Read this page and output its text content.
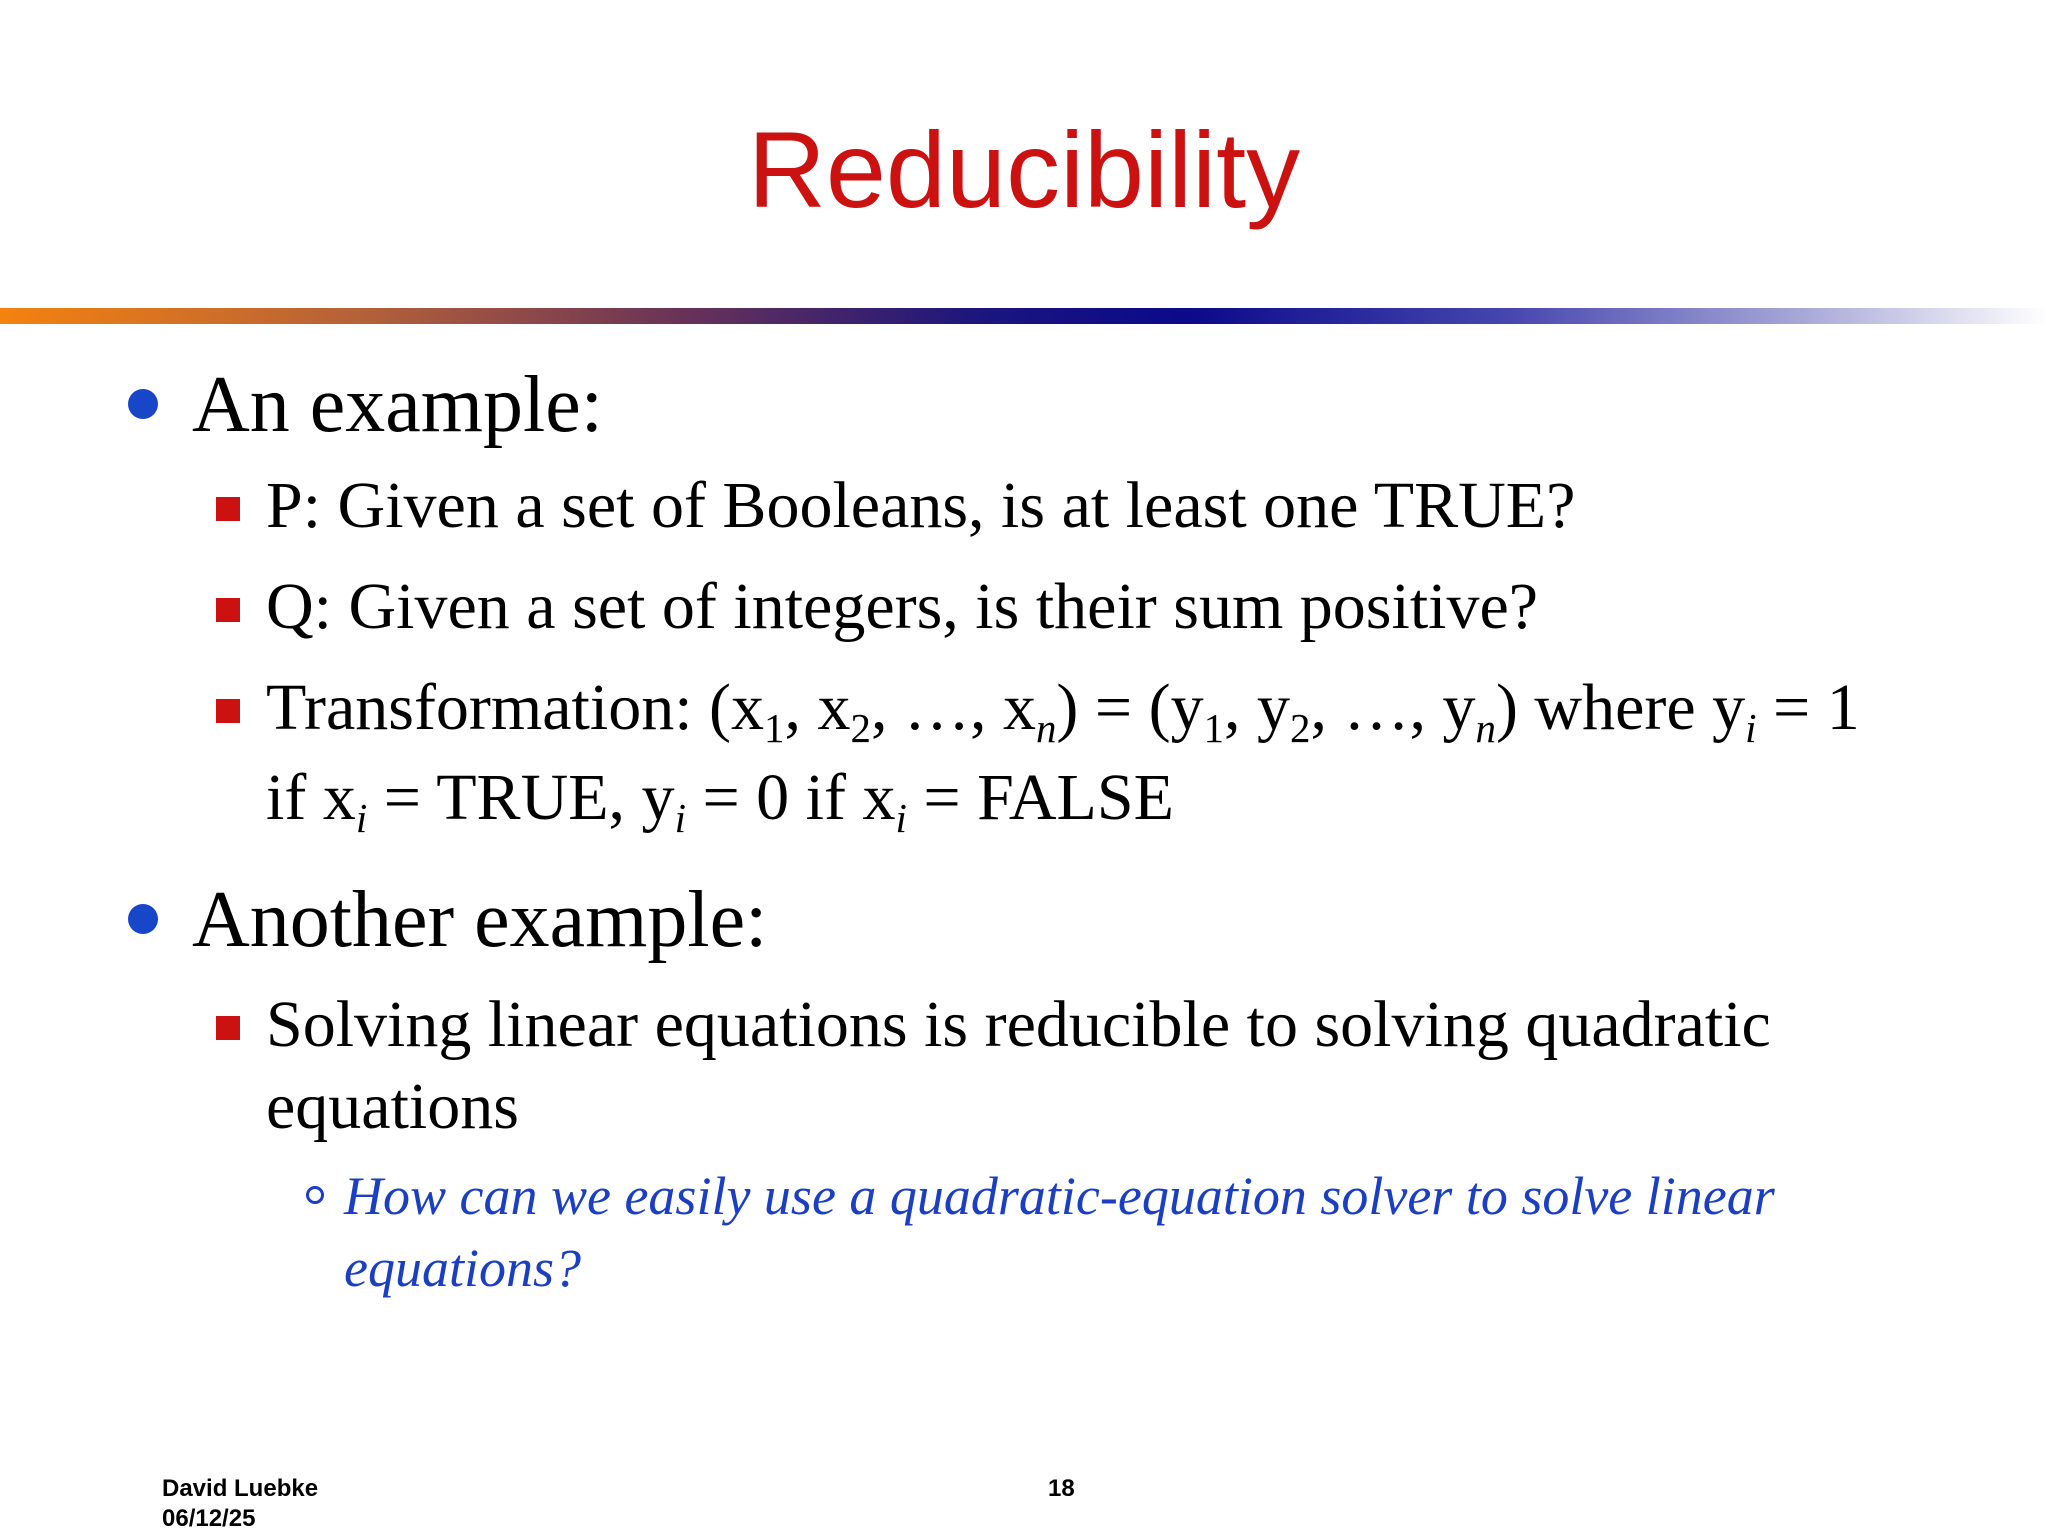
Reducibility

An example:

P: Given a set of Booleans, is at least one TRUE?

Q: Given a set of integers, is their sum positive?

Transformation: ($x_1$, $x_2$, …, $x_n) = (y_1$, $y_2$, …, $y_n$) where $y_i = 1$

if $x_i$ = TRUE, $y_i = 0$ if $x_i$ = FALSE

Another example:

Solving linear equations is reducible to solving quadratic

equations

How can we easily use a quadratic-equation solver to solve linear

equations?

David Luebke
06/12/25
18
